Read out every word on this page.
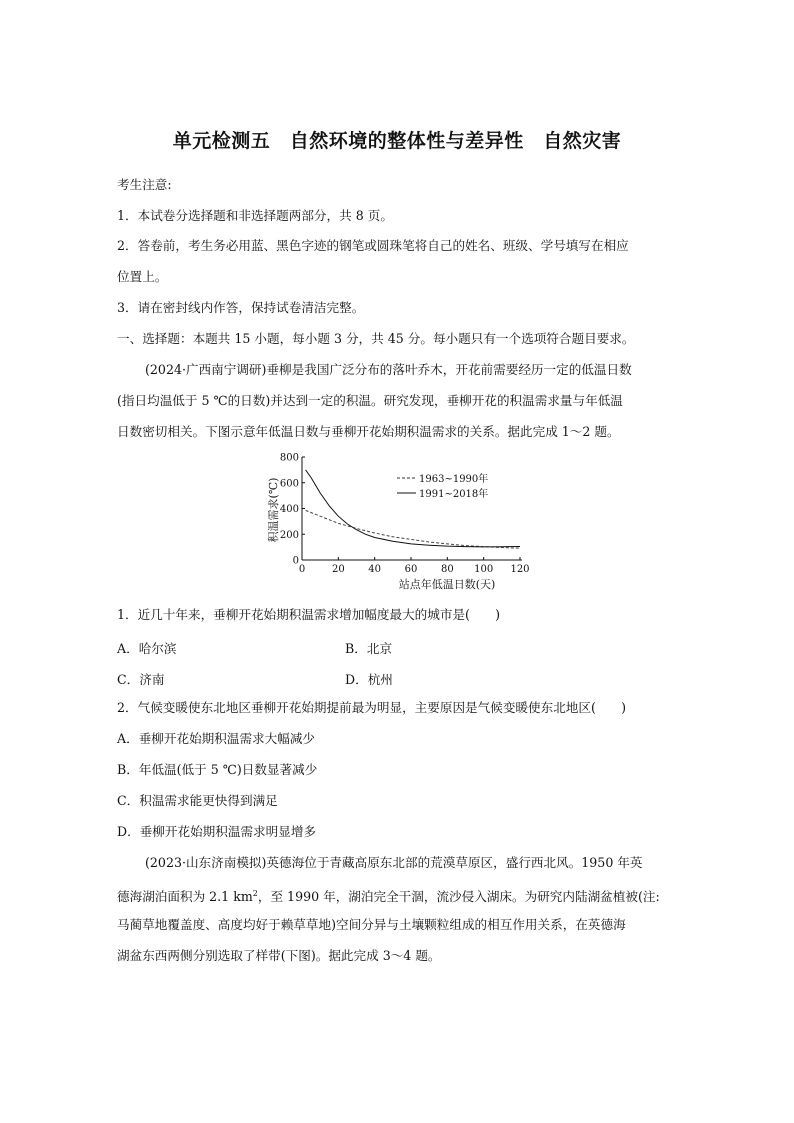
单元检测五　自然环境的整体性与差异性　自然灾害
考生注意:
1．本试卷分选择题和非选择题两部分，共 8 页。
2．答卷前，考生务必用蓝、黑色字迹的钢笔或圆珠笔将自己的姓名、班级、学号填写在相应
位置上。
3．请在密封线内作答，保持试卷清洁完整。
一、选择题：本题共 15 小题，每小题 3 分，共 45 分。每小题只有一个选项符合题目要求。
(2024·广西南宁调研)垂柳是我国广泛分布的落叶乔木，开花前需要经历一定的低温日数
(指日均温低于 5 ℃的日数)并达到一定的积温。研究发现，垂柳开花的积温需求量与年低温
日数密切相关。下图示意年低温日数与垂柳开花始期积温需求的关系。据此完成 1～2 题。
积温需求(℃)
0
200
400
600
800
0	20 40 60 80 100 120
1963~1990年
1991~2018年
站点年低温日数(天)
1．近几十年来，垂柳开花始期积温需求增加幅度最大的城市是(　　)
A．哈尔滨	B．北京
C．济南	D．杭州
2．气候变暖使东北地区垂柳开花始期提前最为明显，主要原因是气候变暖使东北地区(　　)
A．垂柳开花始期积温需求大幅减少
B．年低温(低于 5 ℃)日数显著减少
C．积温需求能更快得到满足
D．垂柳开花始期积温需求明显增多
(2023·山东济南模拟)英德海位于青藏高原东北部的荒漠草原区，盛行西北风。1950 年英
德海湖泊面积为 2.1 $km^2$，至 1990 年，湖泊完全干涸，流沙侵入湖床。为研究内陆湖盆植被(注:
马蔺草地覆盖度、高度均好于赖草草地)空间分异与土壤颗粒组成的相互作用关系，在英德海
湖盆东西两侧分别选取了样带(下图)。据此完成 3～4 题。
